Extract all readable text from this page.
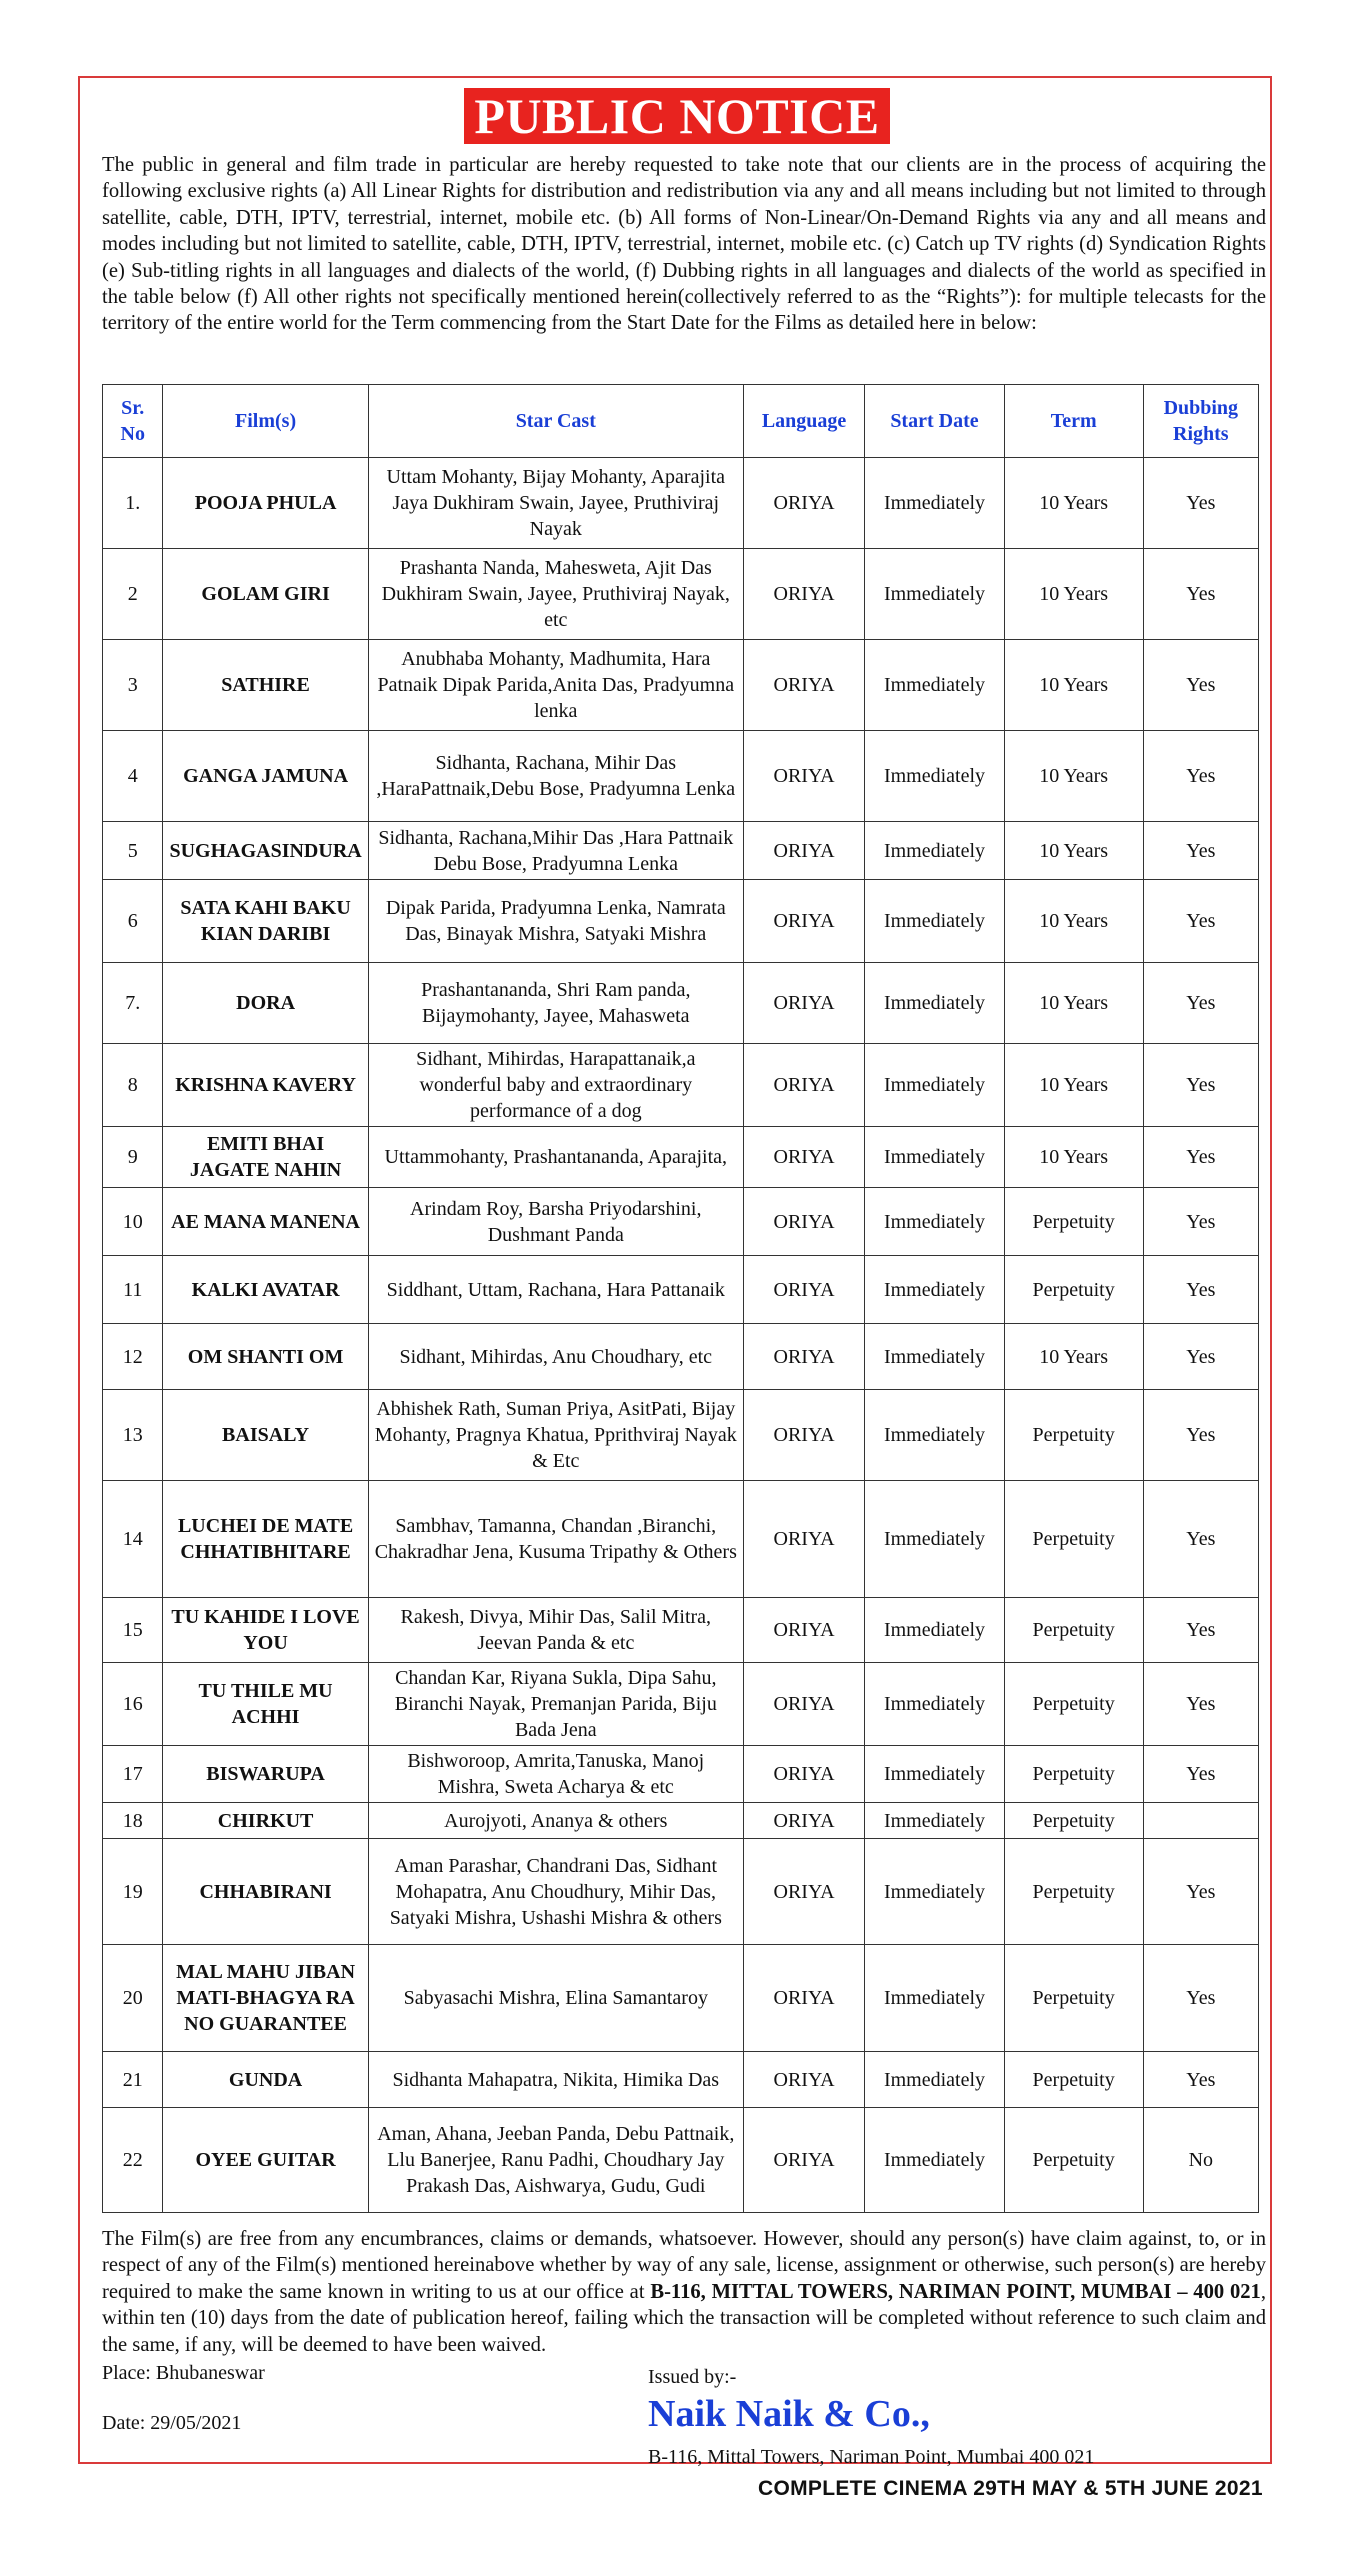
PUBLIC NOTICE
The public in general and film trade in particular are hereby requested to take note that our clients are in the process of acquiring the following exclusive rights (a) All Linear Rights for distribution and redistribution via any and all means including but not limited to through satellite, cable, DTH, IPTV, terrestrial, internet, mobile etc. (b) All forms of Non-Linear/On-Demand Rights via any and all means and modes including but not limited to satellite, cable, DTH, IPTV, terrestrial, internet, mobile etc. (c) Catch up TV rights (d) Syndication Rights (e) Sub-titling rights in all languages and dialects of the world, (f) Dubbing rights in all languages and dialects of the world as specified in the table below (f) All other rights not specifically mentioned herein(collectively referred to as the “Rights”): for multiple telecasts for the territory of the entire world for the Term commencing from the Start Date for the Films as detailed here in below:
Sr. No	Film(s)	Star Cast	Language	Start Date	Term	Dubbing Rights
1.	POOJA PHULA	Uttam Mohanty, Bijay Mohanty, Aparajita Jaya Dukhiram Swain, Jayee, Pruthiviraj Nayak	ORIYA	Immediately	10 Years	Yes
2	GOLAM GIRI	Prashanta Nanda, Mahesweta, Ajit Das Dukhiram Swain, Jayee, Pruthiviraj Nayak, etc	ORIYA	Immediately	10 Years	Yes
3	SATHIRE	Anubhaba Mohanty, Madhumita, Hara Patnaik Dipak Parida,Anita Das, Pradyumna lenka	ORIYA	Immediately	10 Years	Yes
4	GANGA JAMUNA	Sidhanta, Rachana, Mihir Das ,HaraPattnaik,Debu Bose, Pradyumna Lenka	ORIYA	Immediately	10 Years	Yes
5	SUGHAGASINDURA	Sidhanta, Rachana,Mihir Das ,Hara Pattnaik Debu Bose, Pradyumna Lenka	ORIYA	Immediately	10 Years	Yes
6	SATA KAHI BAKU KIAN DARIBI	Dipak Parida, Pradyumna Lenka, Namrata Das, Binayak Mishra, Satyaki Mishra	ORIYA	Immediately	10 Years	Yes
7.	DORA	Prashantananda, Shri Ram panda, Bijaymohanty, Jayee, Mahasweta	ORIYA	Immediately	10 Years	Yes
8	KRISHNA KAVERY	Sidhant, Mihirdas, Harapattanaik,a wonderful baby and extraordinary performance of a dog	ORIYA	Immediately	10 Years	Yes
9	EMITI BHAI JAGATE NAHIN	Uttammohanty, Prashantananda, Aparajita,	ORIYA	Immediately	10 Years	Yes
10	AE MANA MANENA	Arindam Roy, Barsha Priyodarshini, Dushmant Panda	ORIYA	Immediately	Perpetuity	Yes
11	KALKI AVATAR	Siddhant, Uttam, Rachana, Hara Pattanaik	ORIYA	Immediately	Perpetuity	Yes
12	OM SHANTI OM	Sidhant, Mihirdas, Anu Choudhary, etc	ORIYA	Immediately	10 Years	Yes
13	BAISALY	Abhishek Rath, Suman Priya, AsitPati, Bijay Mohanty, Pragnya Khatua, Pprithviraj Nayak & Etc	ORIYA	Immediately	Perpetuity	Yes
14	LUCHEI DE MATE CHHATIBHITARE	Sambhav, Tamanna, Chandan ,Biranchi, Chakradhar Jena, Kusuma Tripathy & Others	ORIYA	Immediately	Perpetuity	Yes
15	TU KAHIDE I LOVE YOU	Rakesh, Divya, Mihir Das, Salil Mitra, Jeevan Panda & etc	ORIYA	Immediately	Perpetuity	Yes
16	TU THILE MU ACHHI	Chandan Kar, Riyana Sukla, Dipa Sahu, Biranchi Nayak, Premanjan Parida, Biju Bada Jena	ORIYA	Immediately	Perpetuity	Yes
17	BISWARUPA	Bishworoop, Amrita,Tanuska, Manoj Mishra, Sweta Acharya & etc	ORIYA	Immediately	Perpetuity	Yes
18	CHIRKUT	Aurojyoti, Ananya & others	ORIYA	Immediately	Perpetuity	
19	CHHABIRANI	Aman Parashar, Chandrani Das, Sidhant Mohapatra, Anu Choudhury, Mihir Das, Satyaki Mishra, Ushashi Mishra & others	ORIYA	Immediately	Perpetuity	Yes
20	MAL MAHU JIBAN MATI-BHAGYA RA NO GUARANTEE	Sabyasachi Mishra, Elina Samantaroy	ORIYA	Immediately	Perpetuity	Yes
21	GUNDA	Sidhanta Mahapatra, Nikita, Himika Das	ORIYA	Immediately	Perpetuity	Yes
22	OYEE GUITAR	Aman, Ahana, Jeeban Panda, Debu Pattnaik, Llu Banerjee, Ranu Padhi, Choudhary Jay Prakash Das, Aishwarya, Gudu, Gudi	ORIYA	Immediately	Perpetuity	No
The Film(s) are free from any encumbrances, claims or demands, whatsoever. However, should any person(s) have claim against, to, or in respect of any of the Film(s) mentioned hereinabove whether by way of any sale, license, assignment or otherwise, such person(s) are hereby required to make the same known in writing to us at our office at B-116, MITTAL TOWERS, NARIMAN POINT, MUMBAI – 400 021, within ten (10) days from the date of publication hereof, failing which the transaction will be completed without reference to such claim and the same, if any, will be deemed to have been waived.
Place: Bhubaneswar
Date: 29/05/2021
Issued by:-
Naik Naik & Co.,
B-116, Mittal Towers, Nariman Point, Mumbai 400 021
COMPLETE CINEMA 29TH MAY & 5TH JUNE 2021
